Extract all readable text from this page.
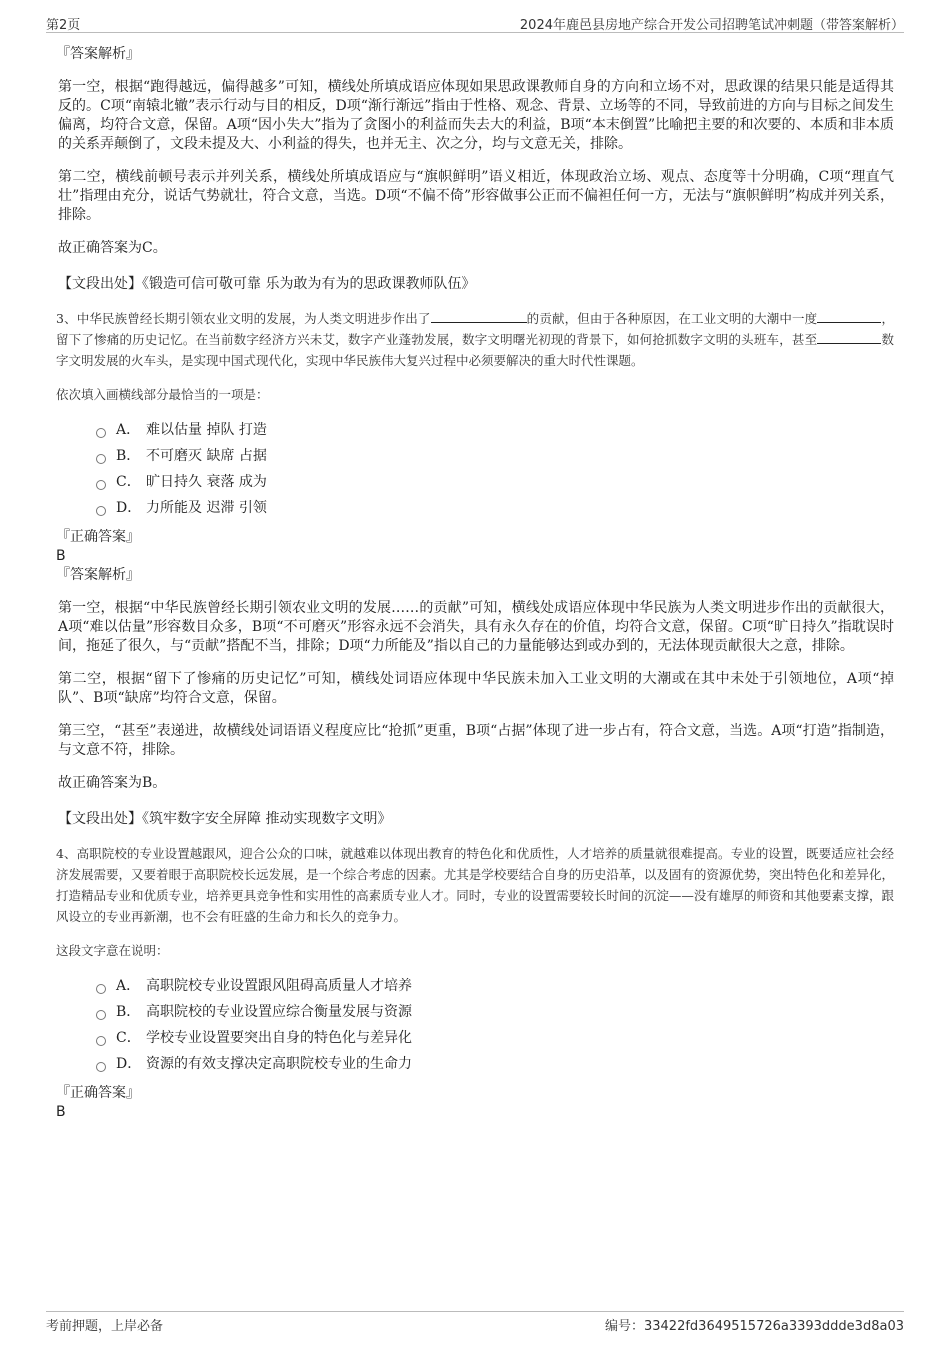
第2页	2024年鹿邑县房地产综合开发公司招聘笔试冲刺题（带答案解析）

『答案解析』

第一空，根据“跑得越远，偏得越多”可知，横线处所填成语应体现如果思政课教师自身的方向和立场不对，思政课的结果只能是适得其反的。C项“南辕北辙”表示行动与目的相反，D项“渐行渐远”指由于性格、观念、背景、立场等的不同，导致前进的方向与目标之间发生偏离，均符合文意，保留。A项“因小失大”指为了贪图小的利益而失去大的利益，B项“本末倒置”比喻把主要的和次要的、本质和非本质的关系弄颠倒了，文段未提及大、小利益的得失，也并无主、次之分，均与文意无关，排除。

第二空，横线前顿号表示并列关系，横线处所填成语应与“旗帜鲜明”语义相近，体现政治立场、观点、态度等十分明确，C项“理直气壮”指理由充分，说话气势就壮，符合文意，当选。D项“不偏不倚”形容做事公正而不偏袒任何一方，无法与“旗帜鲜明”构成并列关系，排除。

故正确答案为C。

【文段出处】《锻造可信可敬可靠 乐为敢为有为的思政课教师队伍》

3、中华民族曾经长期引领农业文明的发展，为人类文明进步作出了	的贡献，但由于各种原因，在工业文明的大潮中一度	，留下了惨痛的历史记忆。在当前数字经济方兴未艾，数字产业蓬勃发展，数字文明曙光初现的背景下，如何抢抓数字文明的头班车，甚至	数字文明发展的火车头，是实现中国式现代化，实现中华民族伟大复兴过程中必须要解决的重大时代性课题。

依次填入画横线部分最恰当的一项是：

A． 难以估量 掉队 打造
B． 不可磨灭 缺席 占据
C． 旷日持久 衰落 成为
D． 力所能及 迟滞 引领

『正确答案』

B

『答案解析』

第一空，根据“中华民族曾经长期引领农业文明的发展……的贡献”可知，横线处成语应体现中华民族为人类文明进步作出的贡献很大，A项“难以估量”形容数目众多，B项“不可磨灭”形容永远不会消失，具有永久存在的价值，均符合文意，保留。C项“旷日持久”指耽误时间，拖延了很久，与“贡献”搭配不当，排除；D项“力所能及”指以自己的力量能够达到或办到的，无法体现贡献很大之意，排除。

第二空，根据“留下了惨痛的历史记忆”可知，横线处词语应体现中华民族未加入工业文明的大潮或在其中未处于引领地位，A项“掉队”、B项“缺席”均符合文意，保留。

第三空，“甚至”表递进，故横线处词语语义程度应比“抢抓”更重，B项“占据”体现了进一步占有，符合文意，当选。A项“打造”指制造，与文意不符，排除。

故正确答案为B。

【文段出处】《筑牢数字安全屏障 推动实现数字文明》

4、高职院校的专业设置越跟风，迎合公众的口味，就越难以体现出教育的特色化和优质性，人才培养的质量就很难提高。专业的设置，既要适应社会经济发展需要，又要着眼于高职院校长远发展，是一个综合考虑的因素。尤其是学校要结合自身的历史沿革，以及固有的资源优势，突出特色化和差异化，打造精品专业和优质专业，培养更具竞争性和实用性的高素质专业人才。同时，专业的设置需要较长时间的沉淀——没有雄厚的师资和其他要素支撑，跟风设立的专业再新潮，也不会有旺盛的生命力和长久的竞争力。

这段文字意在说明：

A． 高职院校专业设置跟风阻碍高质量人才培养
B． 高职院校的专业设置应综合衡量发展与资源
C． 学校专业设置要突出自身的特色化与差异化
D． 资源的有效支撑决定高职院校专业的生命力

『正确答案』

B

考前押题，上岸必备	编号：33422fd3649515726a3393ddde3d8a03
